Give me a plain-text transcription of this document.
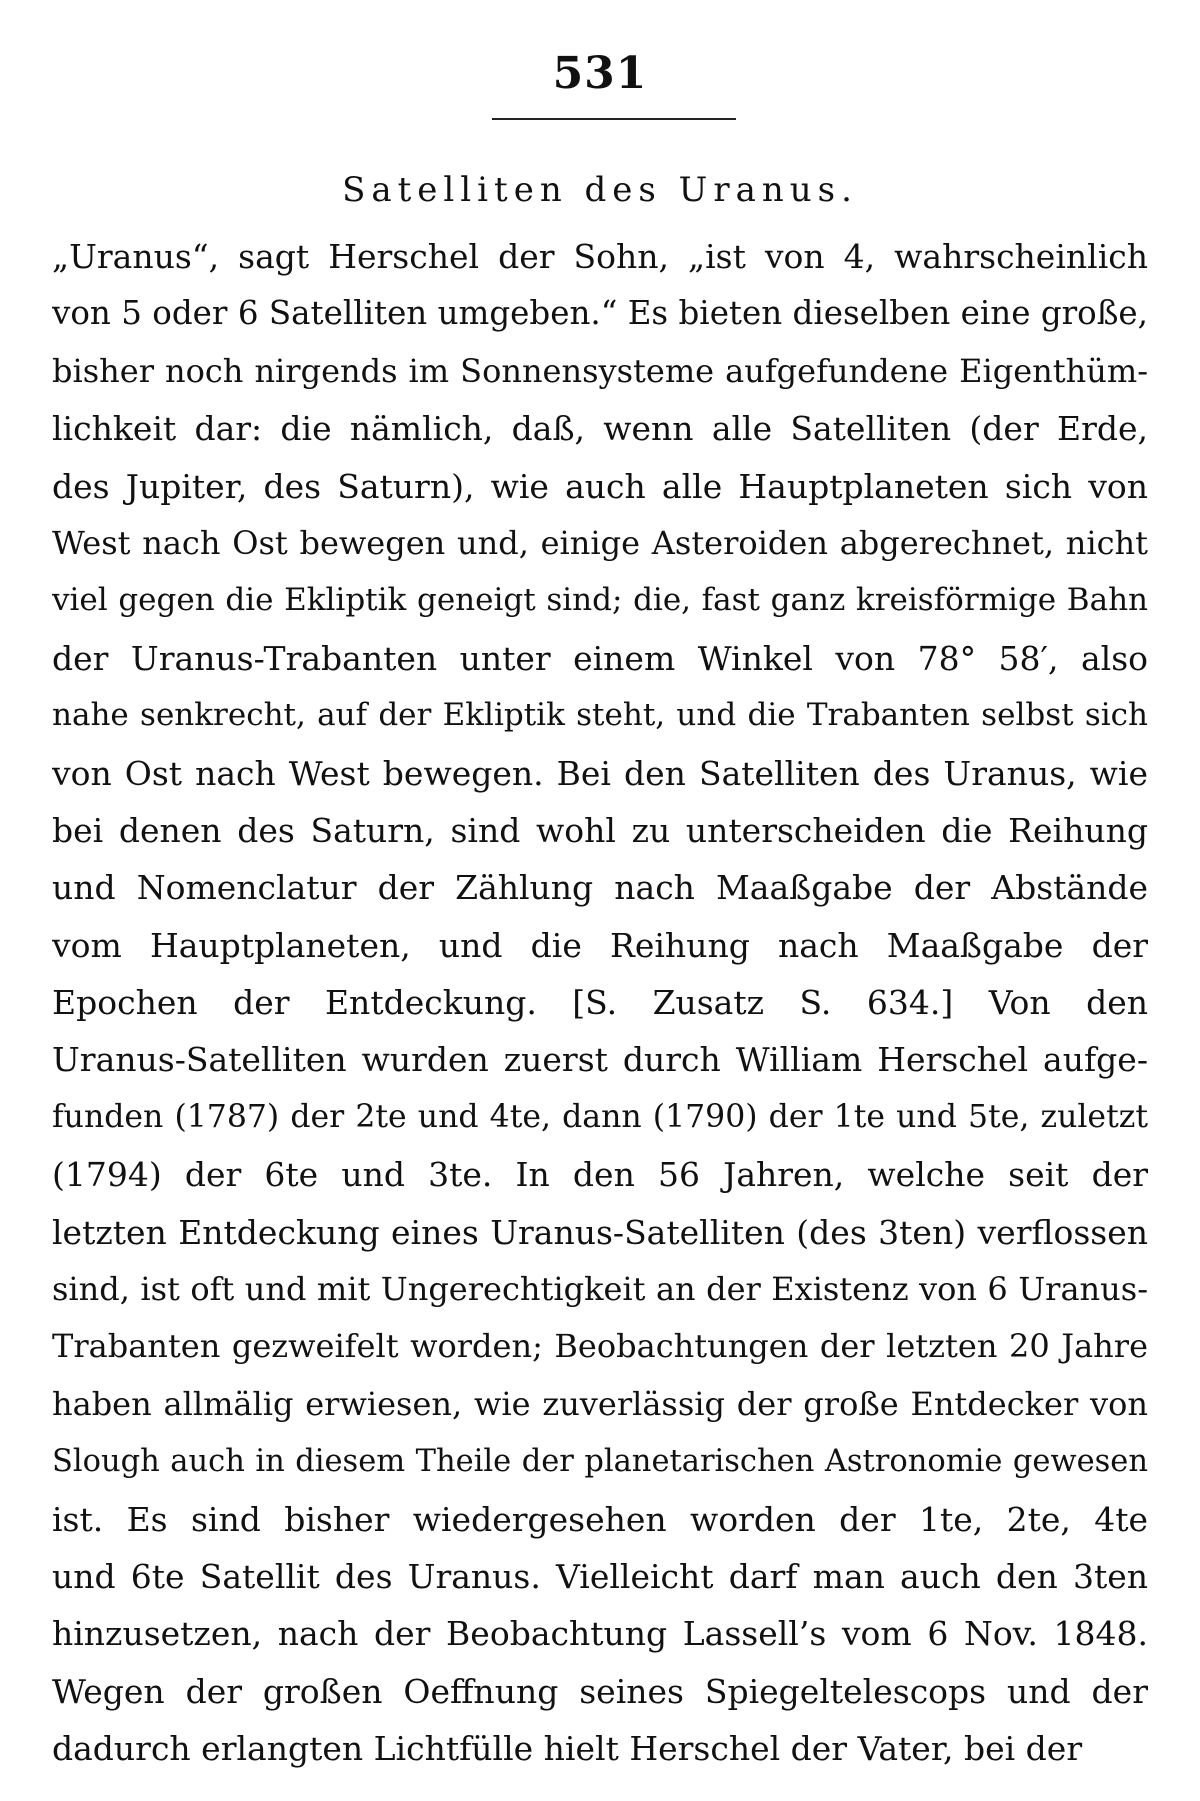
531
Satelliten des Uranus.
„Uranus“, sagt Herschel der Sohn, „ist von 4, wahrscheinlich
von 5 oder 6 Satelliten umgeben.“ Es bieten dieselben eine große,
bisher noch nirgends im Sonnensysteme aufgefundene Eigenthüm-
lichkeit dar: die nämlich, daß, wenn alle Satelliten (der Erde,
des Jupiter, des Saturn), wie auch alle Hauptplaneten sich von
West nach Ost bewegen und, einige Asteroiden abgerechnet, nicht
viel gegen die Ekliptik geneigt sind; die, fast ganz kreisförmige Bahn
der Uranus-Trabanten unter einem Winkel von 78° 58′, also
nahe senkrecht, auf der Ekliptik steht, und die Trabanten selbst sich
von Ost nach West bewegen. Bei den Satelliten des Uranus, wie
bei denen des Saturn, sind wohl zu unterscheiden die Reihung
und Nomenclatur der Zählung nach Maaßgabe der Abstände
vom Hauptplaneten, und die Reihung nach Maaßgabe der
Epochen der Entdeckung. [S. Zusatz S. 634.] Von den
Uranus-Satelliten wurden zuerst durch William Herschel aufge-
funden (1787) der 2te und 4te, dann (1790) der 1te und 5te, zuletzt
(1794) der 6te und 3te. In den 56 Jahren, welche seit der
letzten Entdeckung eines Uranus-Satelliten (des 3ten) verflossen
sind, ist oft und mit Ungerechtigkeit an der Existenz von 6 Uranus-
Trabanten gezweifelt worden; Beobachtungen der letzten 20 Jahre
haben allmälig erwiesen, wie zuverlässig der große Entdecker von
Slough auch in diesem Theile der planetarischen Astronomie gewesen
ist. Es sind bisher wiedergesehen worden der 1te, 2te, 4te
und 6te Satellit des Uranus. Vielleicht darf man auch den 3ten
hinzusetzen, nach der Beobachtung Lassell’s vom 6 Nov. 1848.
Wegen der großen Oeffnung seines Spiegeltelescops und der
dadurch erlangten Lichtfülle hielt Herschel der Vater, bei der
